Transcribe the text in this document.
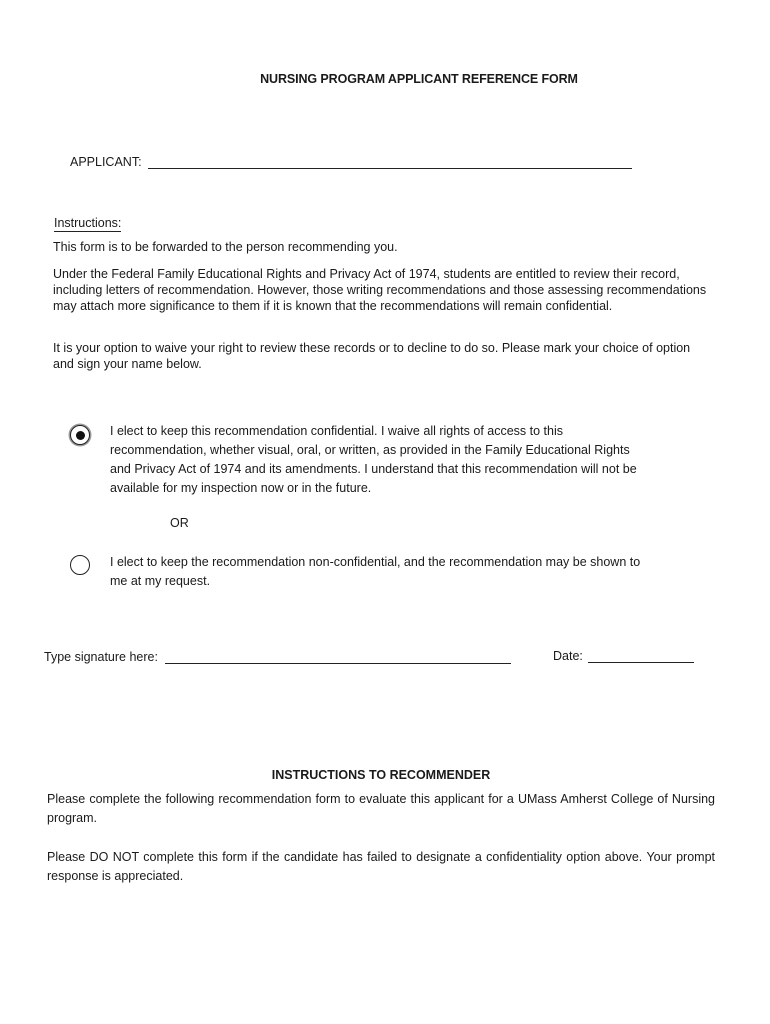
NURSING PROGRAM APPLICANT REFERENCE FORM
APPLICANT:
Instructions:
This form is to be forwarded to the person recommending you.
Under the Federal Family Educational Rights and Privacy Act of 1974, students are entitled to review their record, including letters of recommendation. However, those writing recommendations and those assessing recommendations may attach more significance to them if it is known that the recommendations will remain confidential.
It is your option to waive your right to review these records or to decline to do so. Please mark your choice of option and sign your name below.
I elect to keep this recommendation confidential. I waive all rights of access to this recommendation, whether visual, oral, or written, as provided in the Family Educational Rights and Privacy Act of 1974 and its amendments. I understand that this recommendation will not be available for my inspection now or in the future.
OR
I elect to keep the recommendation non-confidential, and the recommendation may be shown to me at my request.
Type signature here:	Date:
INSTRUCTIONS TO RECOMMENDER
Please complete the following recommendation form to evaluate this applicant for a UMass Amherst College of Nursing program.
Please DO NOT complete this form if the candidate has failed to designate a confidentiality option above. Your prompt response is appreciated.
